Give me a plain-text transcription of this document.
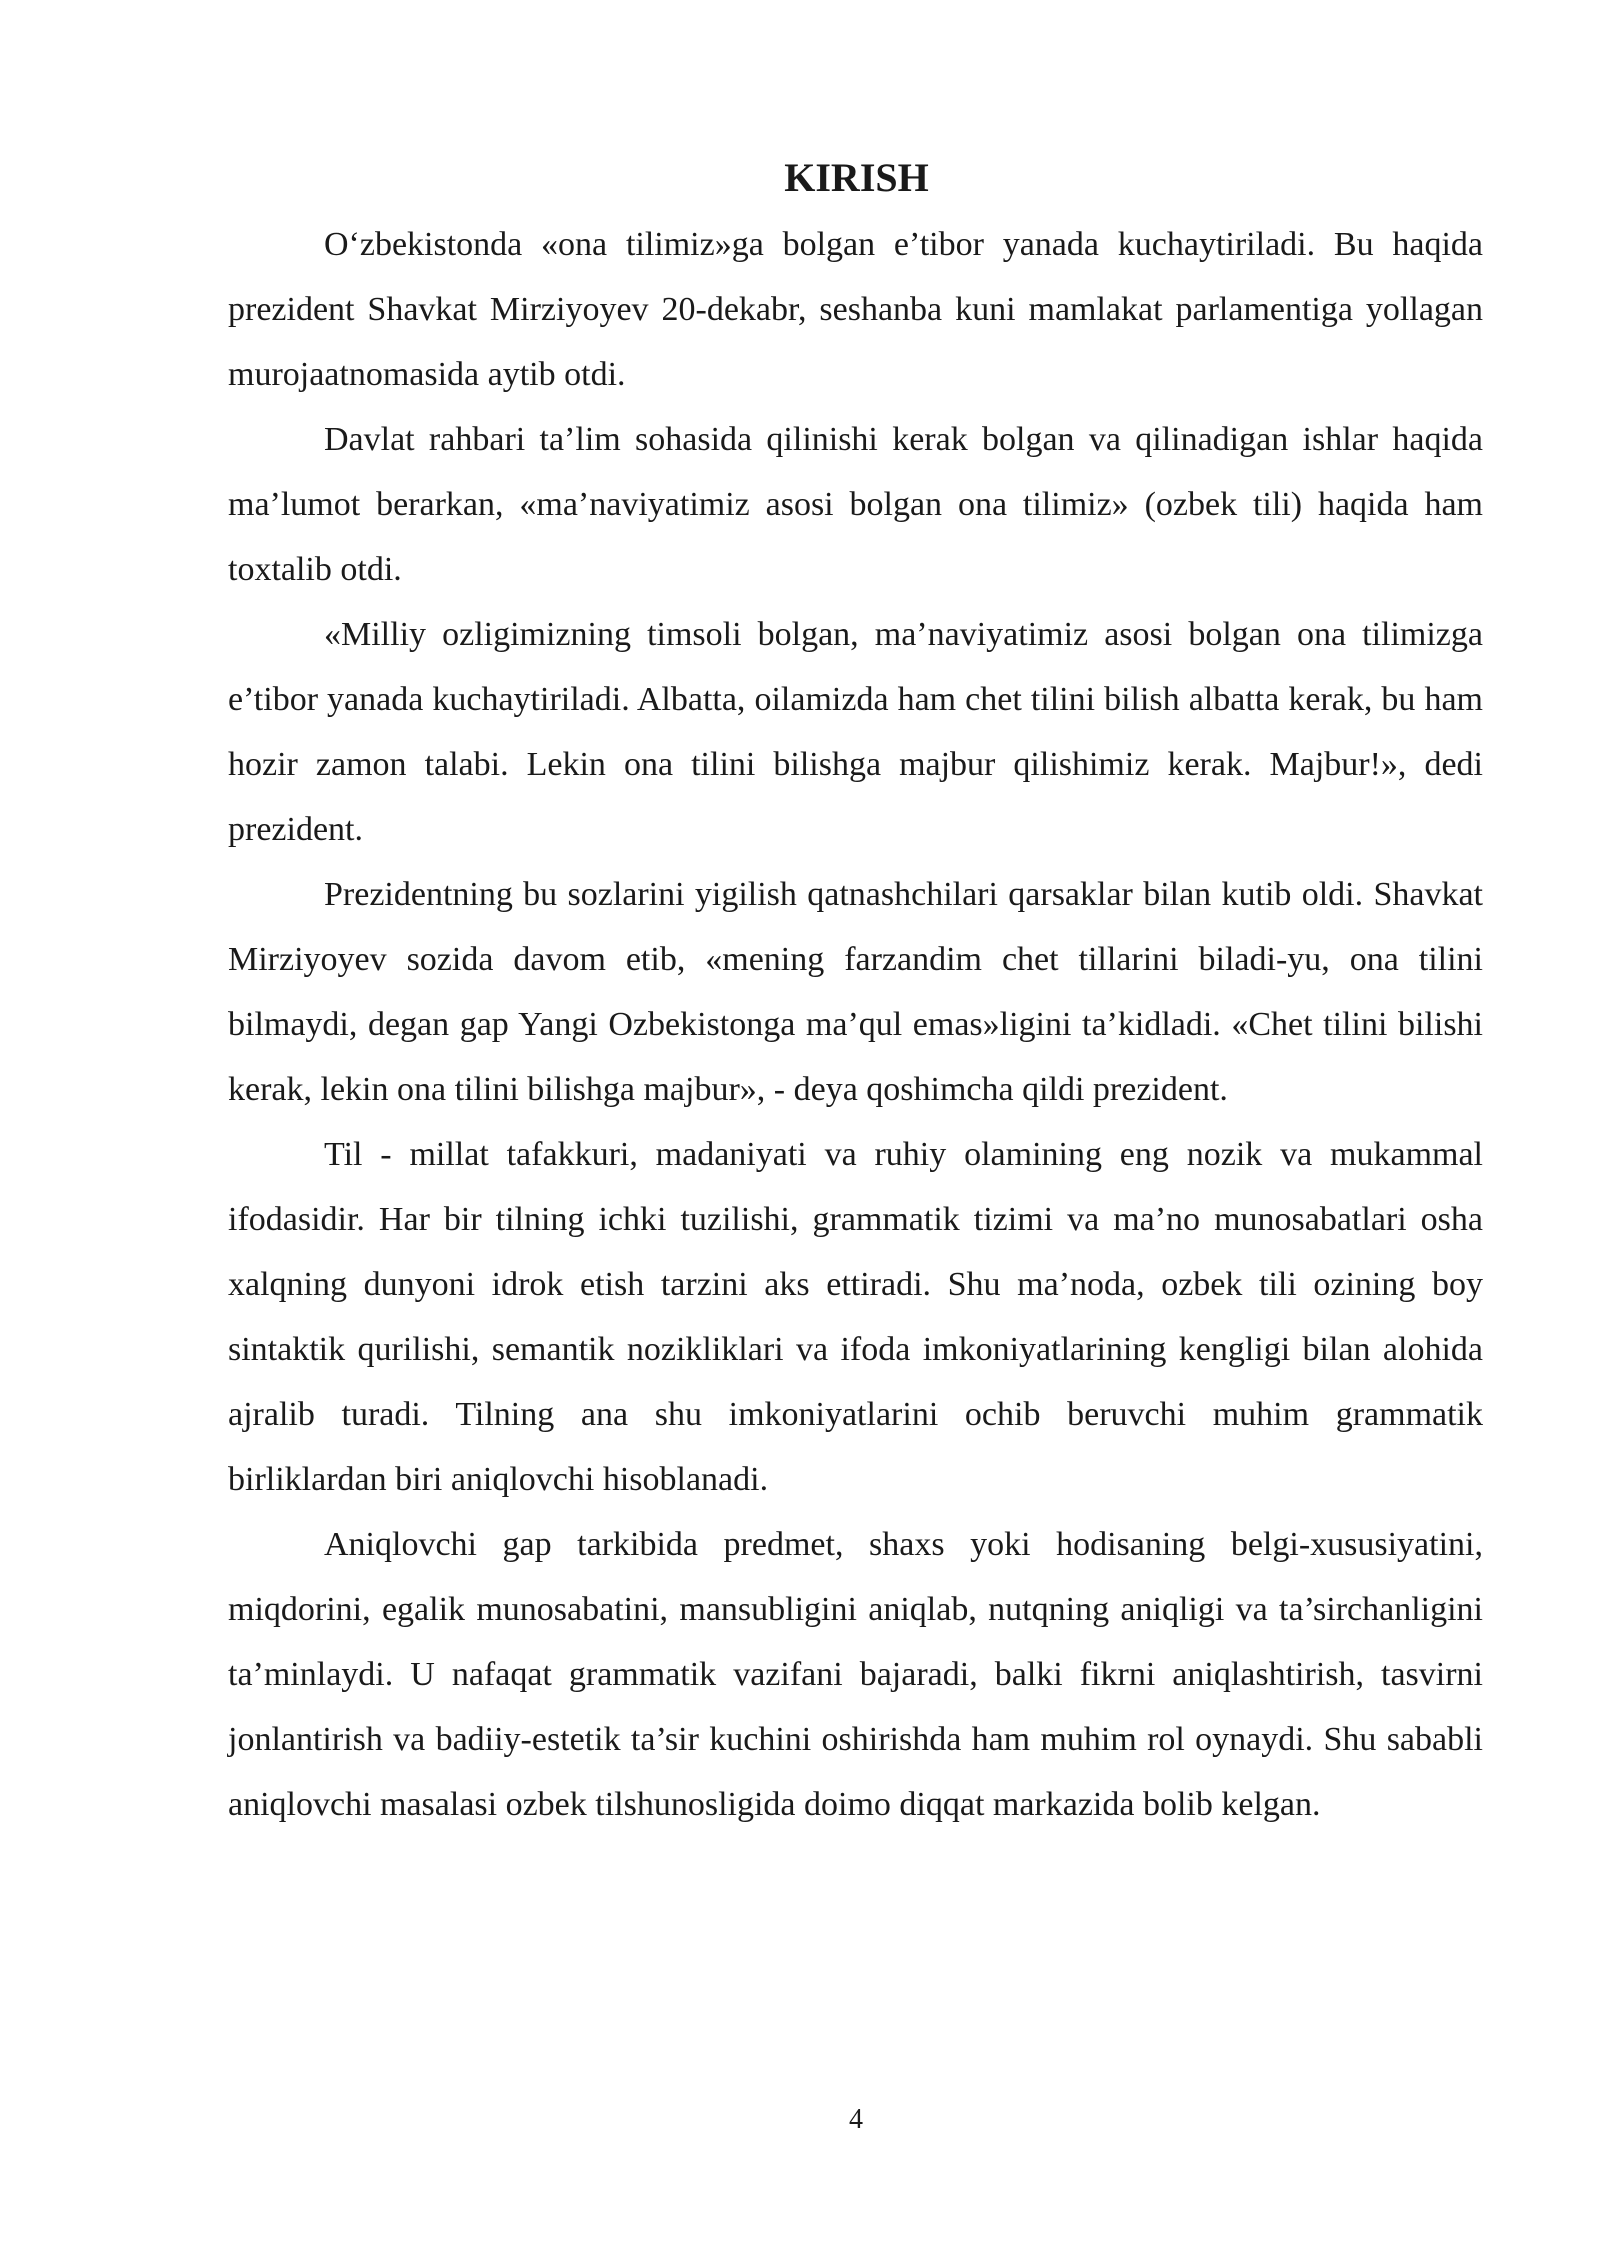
KIRISH

O‘zbekistonda «ona tilimiz»ga bolgan e’tibor yanada kuchaytiriladi. Bu haqida prezident Shavkat Mirziyoyev 20-dekabr, seshanba kuni mamlakat parlamentiga yollagan murojaatnomasida aytib otdi.

Davlat rahbari ta’lim sohasida qilinishi kerak bolgan va qilinadigan ishlar haqida ma’lumot berarkan, «ma’naviyatimiz asosi bolgan ona tilimiz» (ozbek tili) haqida ham toxtalib otdi.

«Milliy ozligimizning timsoli bolgan, ma’naviyatimiz asosi bolgan ona tilimizga e’tibor yanada kuchaytiriladi. Albatta, oilamizda ham chet tilini bilish albatta kerak, bu ham hozir zamon talabi. Lekin ona tilini bilishga majbur qilishimiz kerak. Majbur!», dedi prezident.

Prezidentning bu sozlarini yigilish qatnashchilari qarsaklar bilan kutib oldi. Shavkat Mirziyoyev sozida davom etib, «mening farzandim chet tillarini biladi-yu, ona tilini bilmaydi, degan gap Yangi Ozbekistonga ma’qul emas»ligini ta’kidladi. «Chet tilini bilishi kerak, lekin ona tilini bilishga majbur», - deya qoshimcha qildi prezident.

Til - millat tafakkuri, madaniyati va ruhiy olamining eng nozik va mukammal ifodasidir. Har bir tilning ichki tuzilishi, grammatik tizimi va ma’no munosabatlari osha xalqning dunyoni idrok etish tarzini aks ettiradi. Shu ma’noda, ozbek tili ozining boy sintaktik qurilishi, semantik nozikliklari va ifoda imkoniyatlarining kengligi bilan alohida ajralib turadi. Tilning ana shu imkoniyatlarini ochib beruvchi muhim grammatik birliklardan biri aniqlovchi hisoblanadi.

Aniqlovchi gap tarkibida predmet, shaxs yoki hodisaning belgi-xususiyatini, miqdorini, egalik munosabatini, mansubligini aniqlab, nutqning aniqligi va ta’sirchanligini ta’minlaydi. U nafaqat grammatik vazifani bajaradi, balki fikrni aniqlashtirish, tasvirni jonlantirish va badiiy-estetik ta’sir kuchini oshirishda ham muhim rol oynaydi. Shu sababli aniqlovchi masalasi ozbek tilshunosligida doimo diqqat markazida bolib kelgan.

4
